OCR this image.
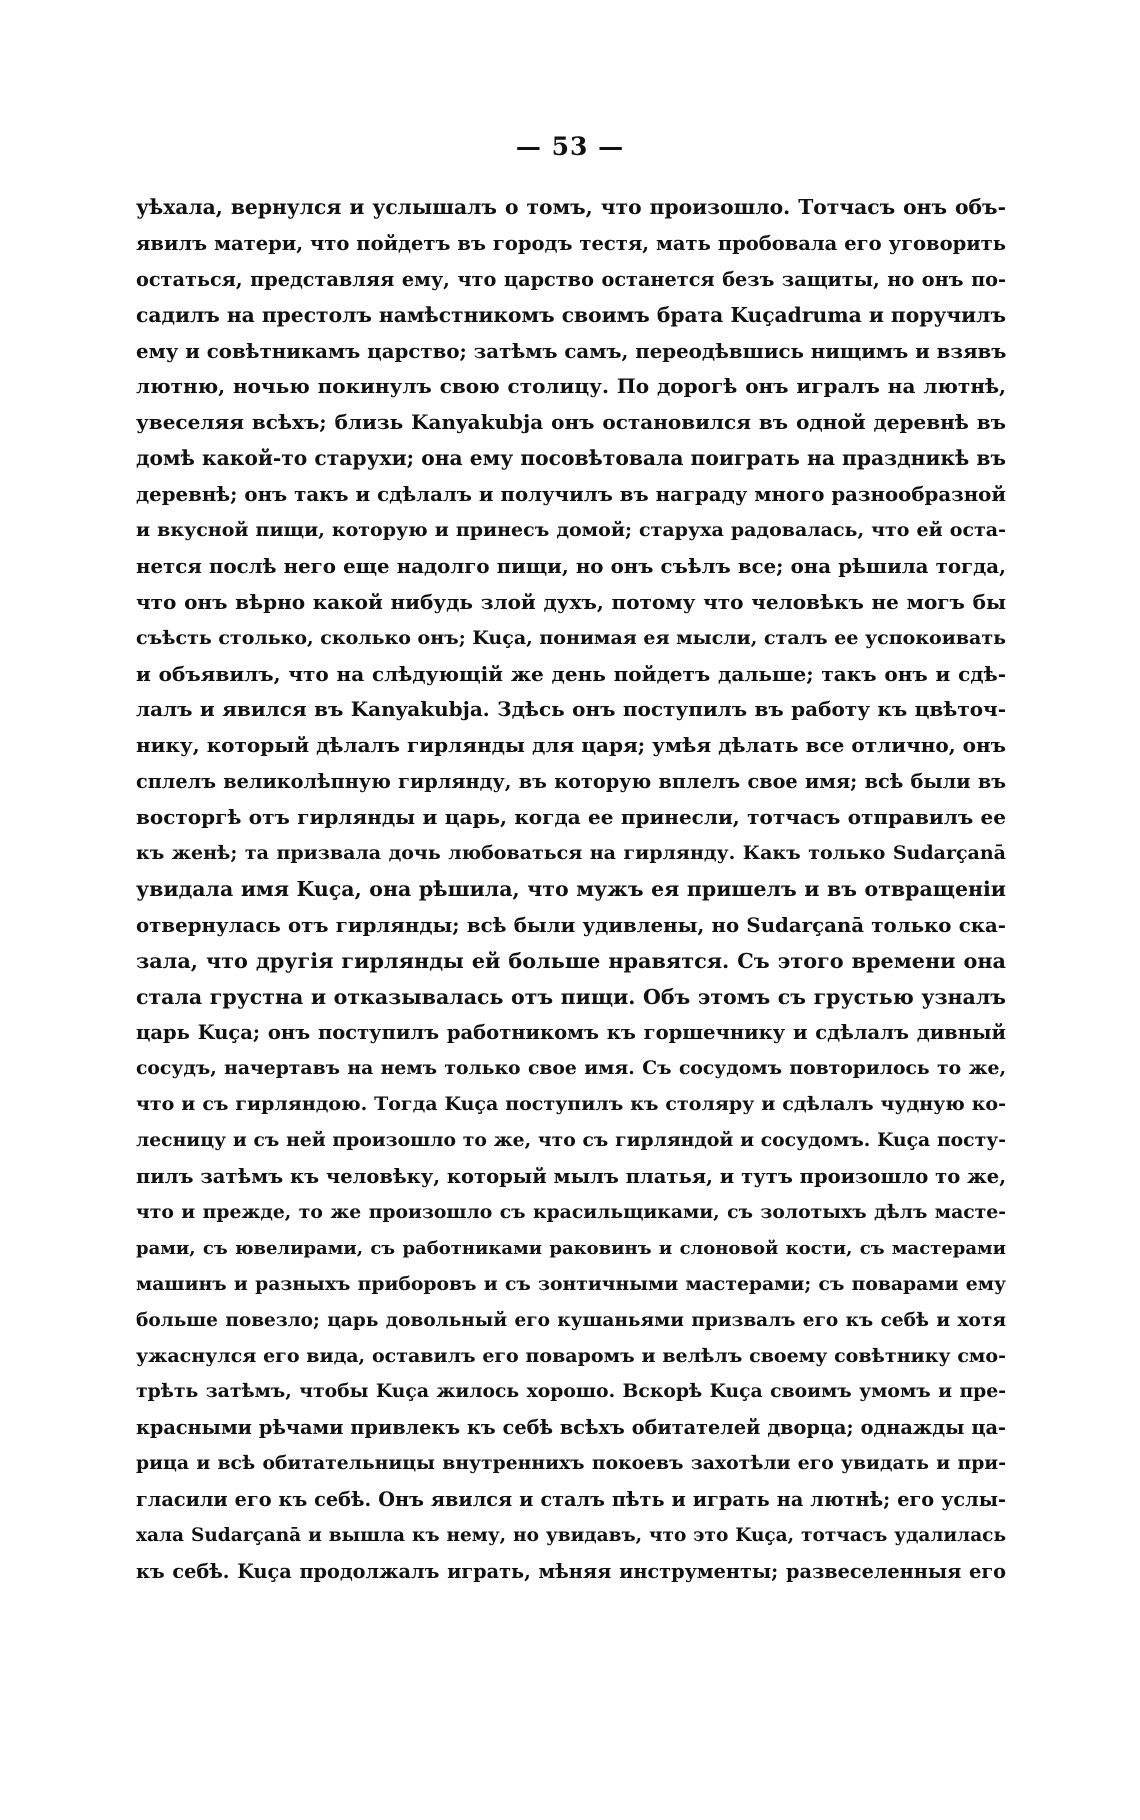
— 53 —
уѣхала, вернулся и услышалъ о томъ, что произошло. Тотчасъ онъ объ-
явилъ матери, что пойдетъ въ городъ тестя, мать пробовала его уговорить
остаться, представляя ему, что царство останется безъ защиты, но онъ по-
садилъ на престолъ намѣстникомъ своимъ брата Kuçadruma и поручилъ
ему и совѣтникамъ царство; затѣмъ самъ, переодѣвшись нищимъ и взявъ
лютню, ночью покинулъ свою столицу. По дорогѣ онъ игралъ на лютнѣ,
увеселяя всѣхъ; близь Kanyakubja онъ остановился въ одной деревнѣ въ
домѣ какой-то старухи; она ему посовѣтовала поиграть на праздникѣ въ
деревнѣ; онъ такъ и сдѣлалъ и получилъ въ награду много разнообразной
и вкусной пищи, которую и принесъ домой; старуха радовалась, что ей оста-
нется послѣ него еще надолго пищи, но онъ съѣлъ все; она рѣшила тогда,
что онъ вѣрно какой нибудь злой духъ, потому что человѣкъ не могъ бы
съѣсть столько, сколько онъ; Kuça, понимая ея мысли, сталъ ее успокоивать
и объявилъ, что на слѣдующій же день пойдетъ дальше; такъ онъ и сдѣ-
лалъ и явился въ Kanyakubja. Здѣсь онъ поступилъ въ работу къ цвѣточ-
нику, который дѣлалъ гирлянды для царя; умѣя дѣлать все отлично, онъ
сплелъ великолѣпную гирлянду, въ которую вплелъ свое имя; всѣ были въ
восторгѣ отъ гирлянды и царь, когда ее принесли, тотчасъ отправилъ ее
къ женѣ; та призвала дочь любоваться на гирлянду. Какъ только Sudarçanā
увидала имя Kuça, она рѣшила, что мужъ ея пришелъ и въ отвращеніи
отвернулась отъ гирлянды; всѣ были удивлены, но Sudarçanā только ска-
зала, что другія гирлянды ей больше нравятся. Съ этого времени она
стала грустна и отказывалась отъ пищи. Объ этомъ съ грустью узналъ
царь Kuça; онъ поступилъ работникомъ къ горшечнику и сдѣлалъ дивный
сосудъ, начертавъ на немъ только свое имя. Съ сосудомъ повторилось то же,
что и съ гирляндою. Тогда Kuça поступилъ къ столяру и сдѣлалъ чудную ко-
лесницу и съ ней произошло то же, что съ гирляндой и сосудомъ. Kuça посту-
пилъ затѣмъ къ человѣку, который мылъ платья, и тутъ произошло то же,
что и прежде, то же произошло съ красильщиками, съ золотыхъ дѣлъ масте-
рами, съ ювелирами, съ работниками раковинъ и слоновой кости, съ мастерами
машинъ и разныхъ приборовъ и съ зонтичными мастерами; съ поварами ему
больше повезло; царь довольный его кушаньями призвалъ его къ себѣ и хотя
ужаснулся его вида, оставилъ его поваромъ и велѣлъ своему совѣтнику смо-
трѣть затѣмъ, чтобы Kuça жилось хорошо. Вскорѣ Kuça своимъ умомъ и пре-
красными рѣчами привлекъ къ себѣ всѣхъ обитателей дворца; однажды ца-
рица и всѣ обитательницы внутреннихъ покоевъ захотѣли его увидать и при-
гласили его къ себѣ. Онъ явился и сталъ пѣть и играть на лютнѣ; его услы-
хала Sudarçanā и вышла къ нему, но увидавъ, что это Kuça, тотчасъ удалилась
къ себѣ. Kuça продолжалъ играть, мѣняя инструменты; развеселенныя его
